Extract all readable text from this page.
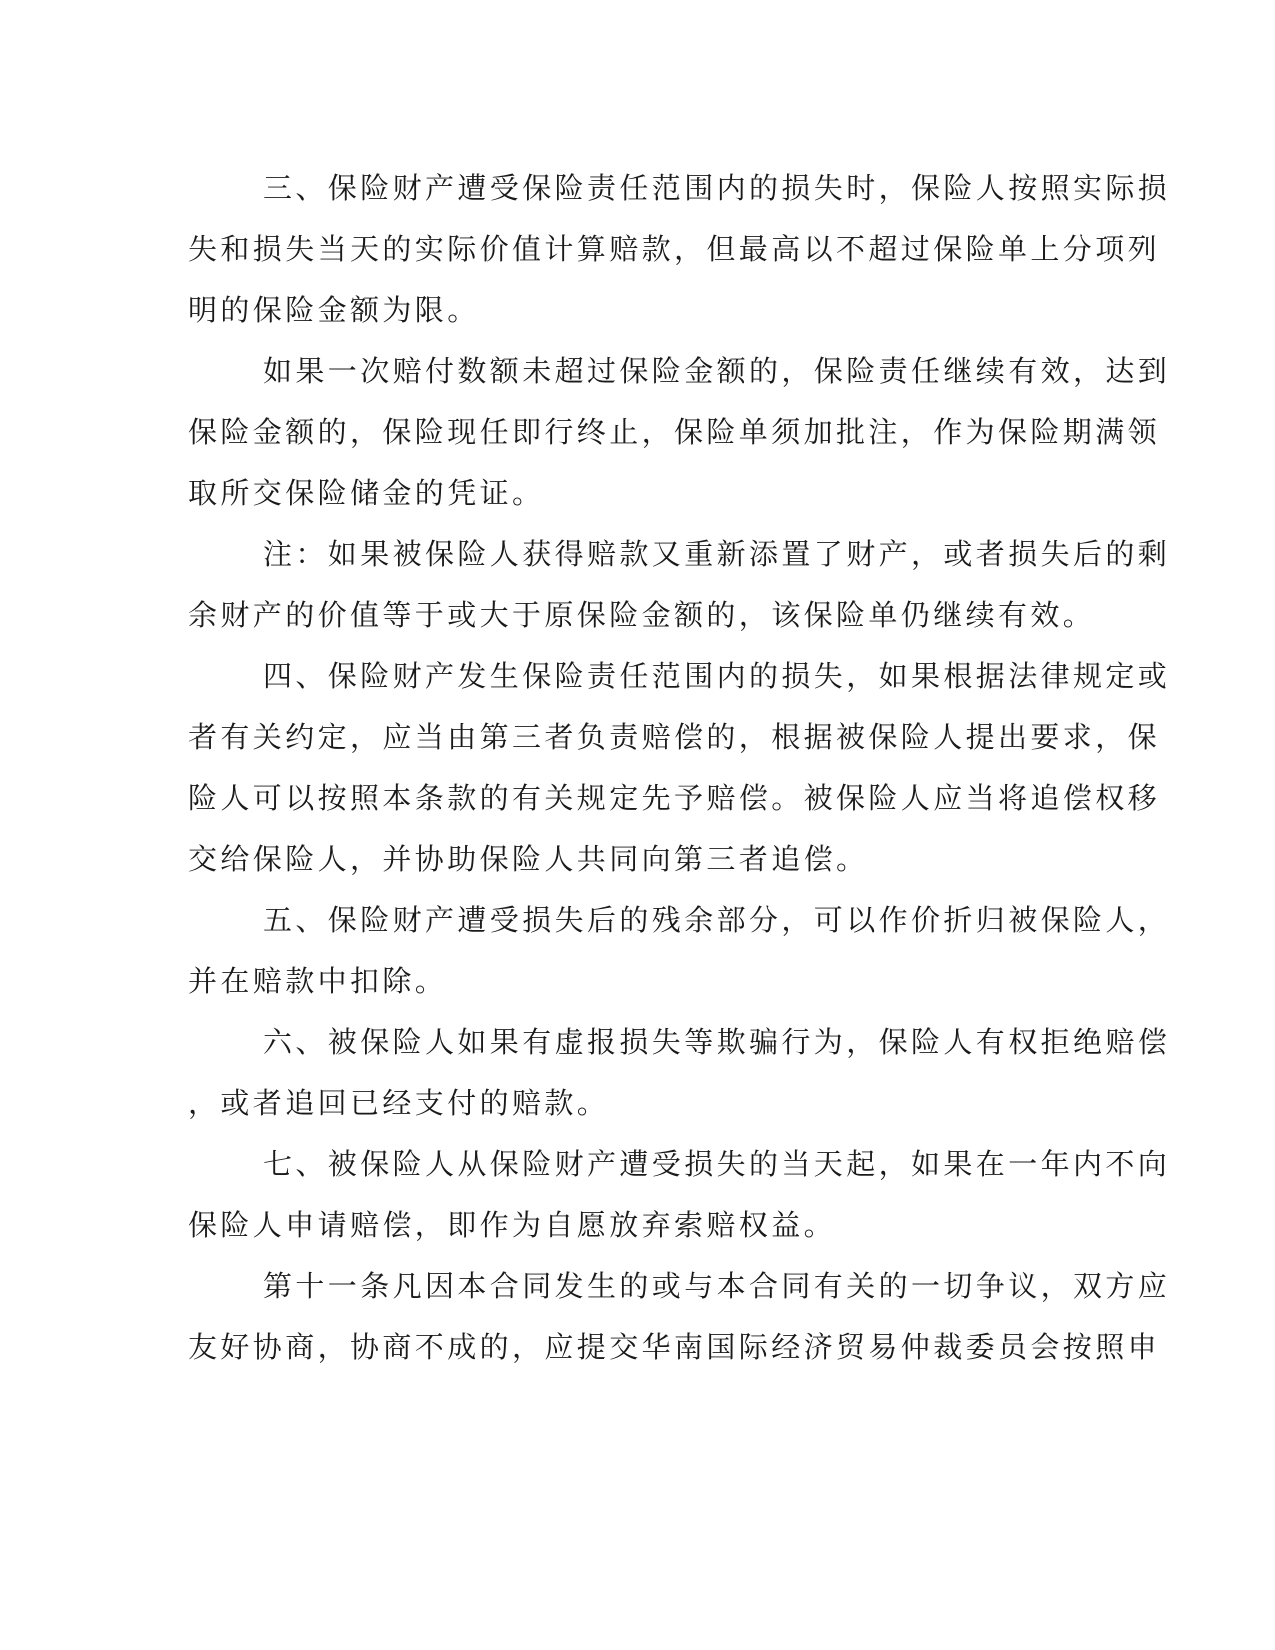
三、保险财产遭受保险责任范围内的损失时，保险人按照实际损
失和损失当天的实际价值计算赔款，但最高以不超过保险单上分项列
明的保险金额为限。
如果一次赔付数额未超过保险金额的，保险责任继续有效，达到
保险金额的，保险现任即行终止，保险单须加批注，作为保险期满领
取所交保险储金的凭证。
注：如果被保险人获得赔款又重新添置了财产，或者损失后的剩
余财产的价值等于或大于原保险金额的，该保险单仍继续有效。
四、保险财产发生保险责任范围内的损失，如果根据法律规定或
者有关约定，应当由第三者负责赔偿的，根据被保险人提出要求，保
险人可以按照本条款的有关规定先予赔偿。被保险人应当将追偿权移
交给保险人，并协助保险人共同向第三者追偿。
五、保险财产遭受损失后的残余部分，可以作价折归被保险人，
并在赔款中扣除。
六、被保险人如果有虚报损失等欺骗行为，保险人有权拒绝赔偿
，或者追回已经支付的赔款。
七、被保险人从保险财产遭受损失的当天起，如果在一年内不向
保险人申请赔偿，即作为自愿放弃索赔权益。
第十一条凡因本合同发生的或与本合同有关的一切争议，双方应
友好协商，协商不成的，应提交华南国际经济贸易仲裁委员会按照申
